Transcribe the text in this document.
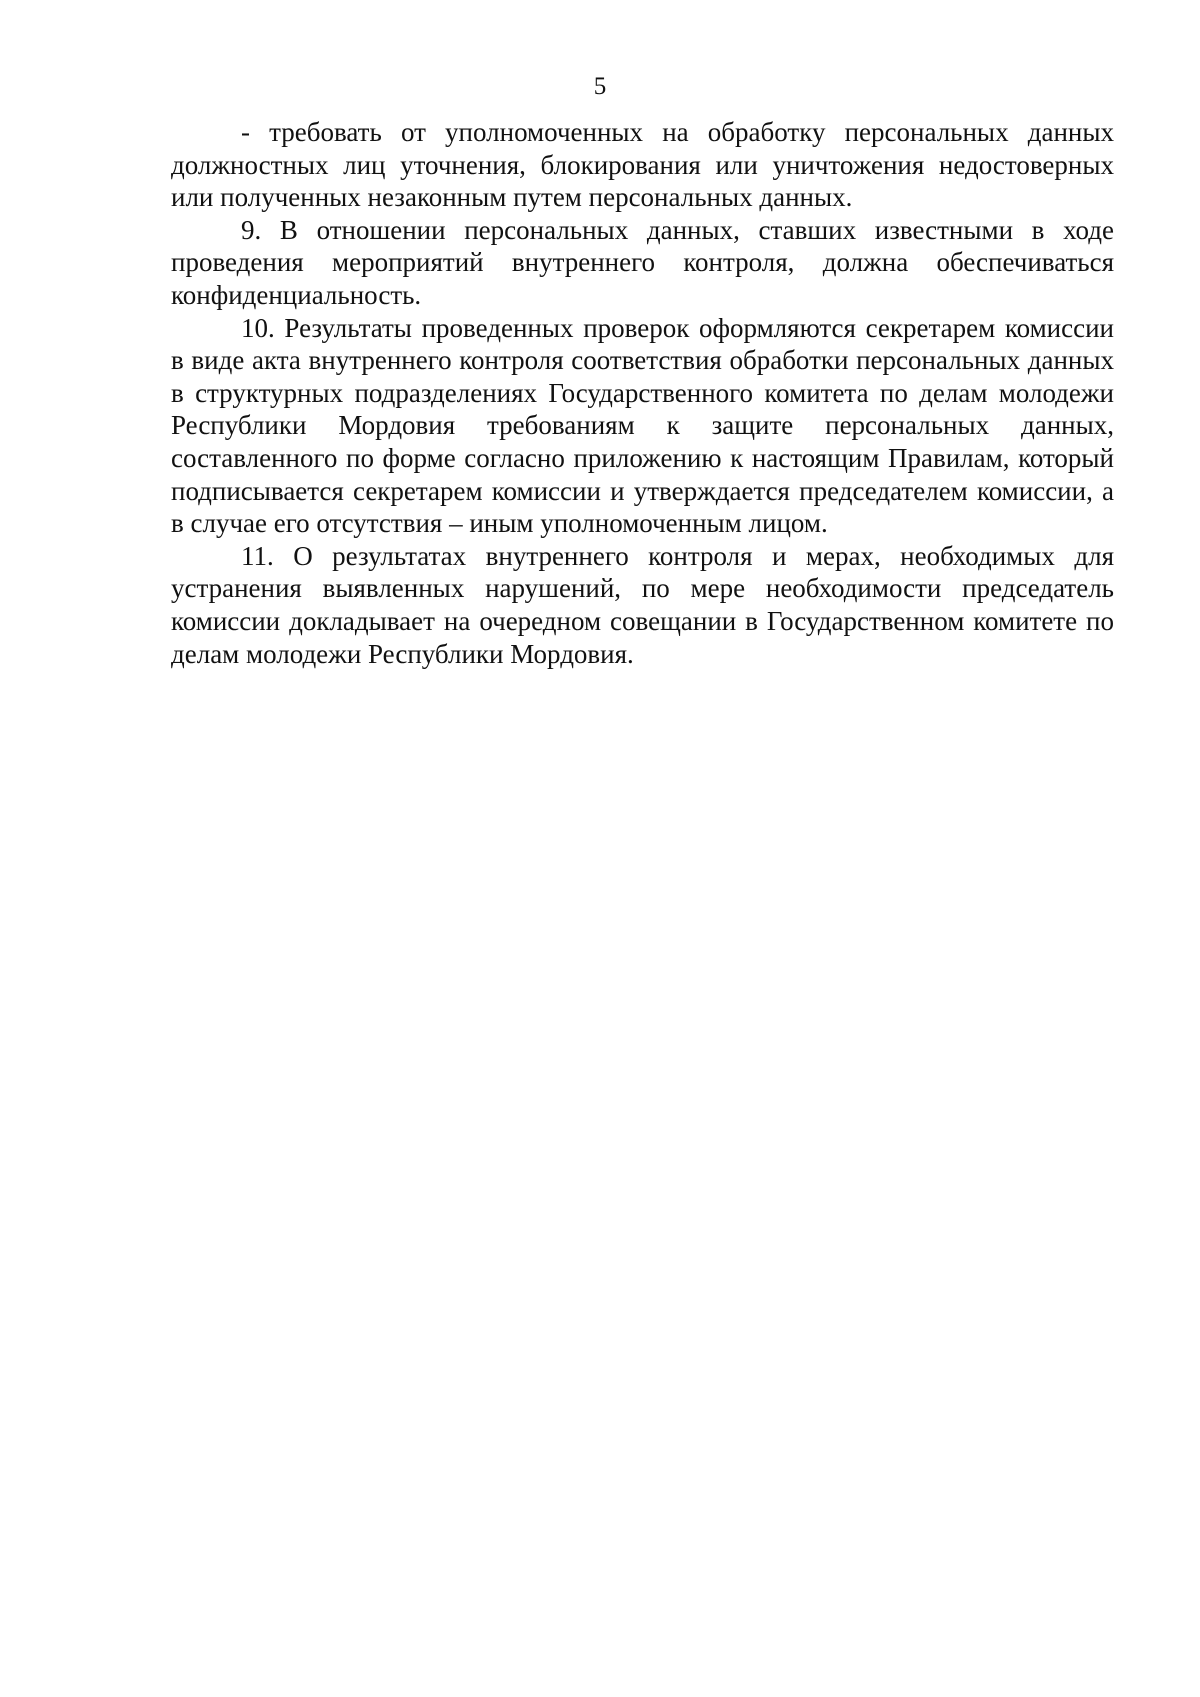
5

- требовать от уполномоченных на обработку персональных данных должностных лиц уточнения, блокирования или уничтожения недостоверных или полученных незаконным путем персональных данных.

9. В отношении персональных данных, ставших известными в ходе проведения мероприятий внутреннего контроля, должна обеспечиваться конфиденциальность.

10. Результаты проведенных проверок оформляются секретарем комиссии в виде акта внутреннего контроля соответствия обработки персональных данных в структурных подразделениях Государственного комитета по делам молодежи Республики Мордовия требованиям к защите персональных данных, составленного по форме согласно приложению к настоящим Правилам, который подписывается секретарем комиссии и утверждается председателем комиссии, а в случае его отсутствия – иным уполномоченным лицом.

11. О результатах внутреннего контроля и мерах, необходимых для устранения выявленных нарушений, по мере необходимости председатель комиссии докладывает на очередном совещании в Государственном комитете по делам молодежи Республики Мордовия.
